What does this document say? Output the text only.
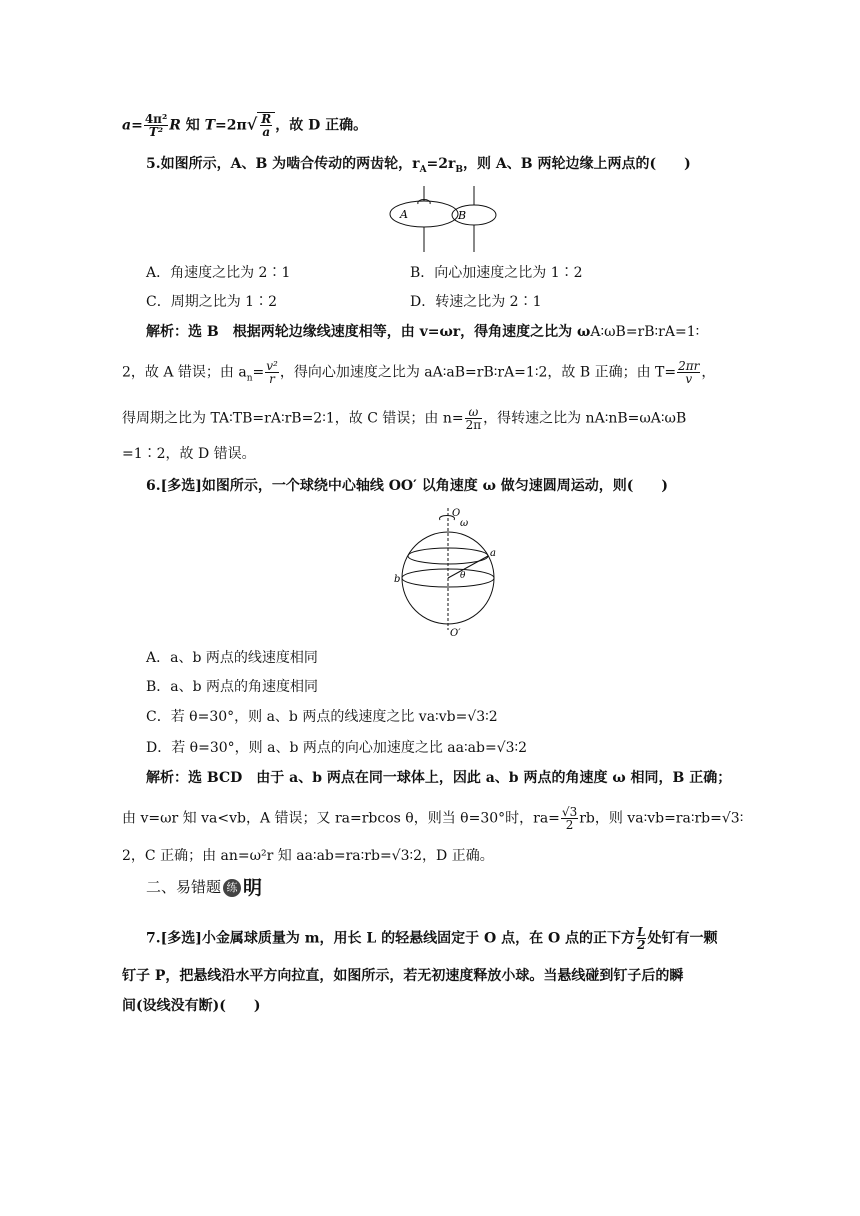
$a= \frac{\text{4π²}}{\text{T²}}$ R 知 $T=2\pi√ \frac{R}{a}$ ，故 D 正确。
5.如图所示，A、B 为啮合传动的两齿轮，$r_A=2r_B$，则 A、B 两轮边缘上两点的(　　)
A	B
A．角速度之比为 2∶1	B．向心加速度之比为 1∶2
C．周期之比为 1∶2	D．转速之比为 2∶1
解析：选 B　根据两轮边缘线速度相等，由 v=ωr，得角速度之比为 ωA∶ωB=rB∶rA=1∶
2，故 A 错误；由 $a_n= \frac{\text{v²}}{r}$ ，得向心加速度之比为 aA∶aB=rB∶rA=1∶2，故 B 正确；由 $T= \frac{2\pi r}{v}$ ，
得周期之比为 TA∶TB=rA∶rB=2∶1，故 C 错误；由 $n= \frac{\omega}{2\pi}$ ，得转速之比为 nA∶nB=ωA∶ωB
=1∶2，故 D 错误。
6.[多选]如图所示，一个球绕中心轴线 OO′ 以角速度 ω 做匀速圆周运动，则(　　)
O
ω
a
b	θ
O′
A．a、b 两点的线速度相同
B．a、b 两点的角速度相同
C．若 θ=30°，则 a、b 两点的线速度之比 va∶vb=√3∶2
D．若 θ=30°，则 a、b 两点的向心加速度之比 aa∶ab=√3∶2
解析：选 BCD　由于 a、b 两点在同一球体上，因此 a、b 两点的角速度 ω 相同，B 正确；
由 v=ωr 知 va<vb，A 错误；又 ra=rbcos θ，则当 θ=30°时，$ra= \frac{√3}{2}$ rb，则 va∶vb=ra∶rb=√3∶
2，C 正确；由 an=ω²r 知 aa∶ab=ra∶rb=√3∶2，D 正确。
二、易错题 练 明
7.[多选]小金属球质量为 m，用长 L 的轻悬线固定于 O 点，在 O 点的正下方 $\frac{L}{2}$ 处钉有一颗
钉子 P，把悬线沿水平方向拉直，如图所示，若无初速度释放小球。当悬线碰到钉子后的瞬
间(设线没有断)(　　)
